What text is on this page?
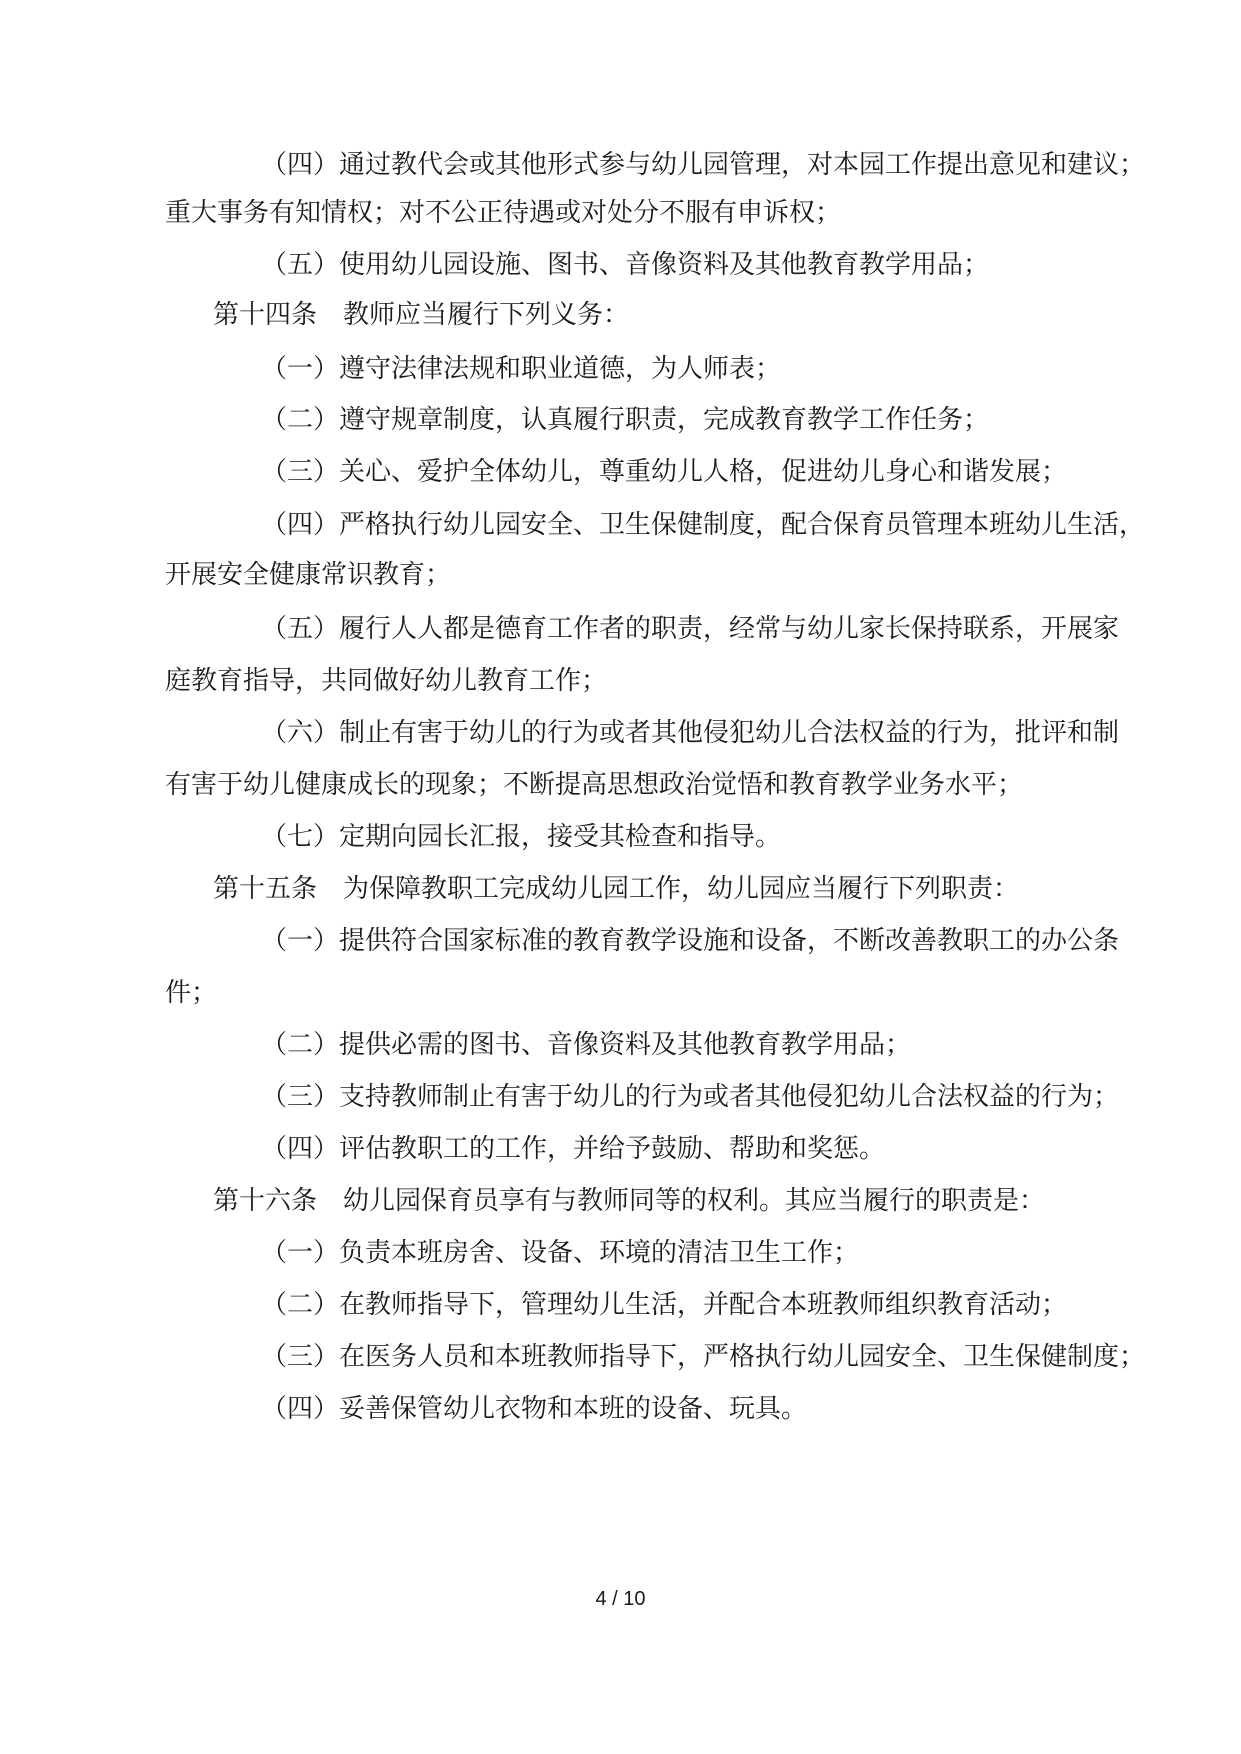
（四）通过教代会或其他形式参与幼儿园管理，对本园工作提出意见和建议；
重大事务有知情权；对不公正待遇或对处分不服有申诉权；
（五）使用幼儿园设施、图书、音像资料及其他教育教学用品；
第十四条　教师应当履行下列义务：
（一）遵守法律法规和职业道德，为人师表；
（二）遵守规章制度，认真履行职责，完成教育教学工作任务；
（三）关心、爱护全体幼儿，尊重幼儿人格，促进幼儿身心和谐发展；
（四）严格执行幼儿园安全、卫生保健制度，配合保育员管理本班幼儿生活，
开展安全健康常识教育；
（五）履行人人都是德育工作者的职责，经常与幼儿家长保持联系，开展家
庭教育指导，共同做好幼儿教育工作；
（六）制止有害于幼儿的行为或者其他侵犯幼儿合法权益的行为，批评和制
有害于幼儿健康成长的现象；不断提高思想政治觉悟和教育教学业务水平；
（七）定期向园长汇报，接受其检查和指导。
第十五条　为保障教职工完成幼儿园工作，幼儿园应当履行下列职责：
（一）提供符合国家标准的教育教学设施和设备，不断改善教职工的办公条
件；
（二）提供必需的图书、音像资料及其他教育教学用品；
（三）支持教师制止有害于幼儿的行为或者其他侵犯幼儿合法权益的行为；
（四）评估教职工的工作，并给予鼓励、帮助和奖惩。
第十六条　幼儿园保育员享有与教师同等的权利。其应当履行的职责是：
（一）负责本班房舍、设备、环境的清洁卫生工作；
（二）在教师指导下，管理幼儿生活，并配合本班教师组织教育活动；
（三）在医务人员和本班教师指导下，严格执行幼儿园安全、卫生保健制度；
（四）妥善保管幼儿衣物和本班的设备、玩具。
4 / 10
